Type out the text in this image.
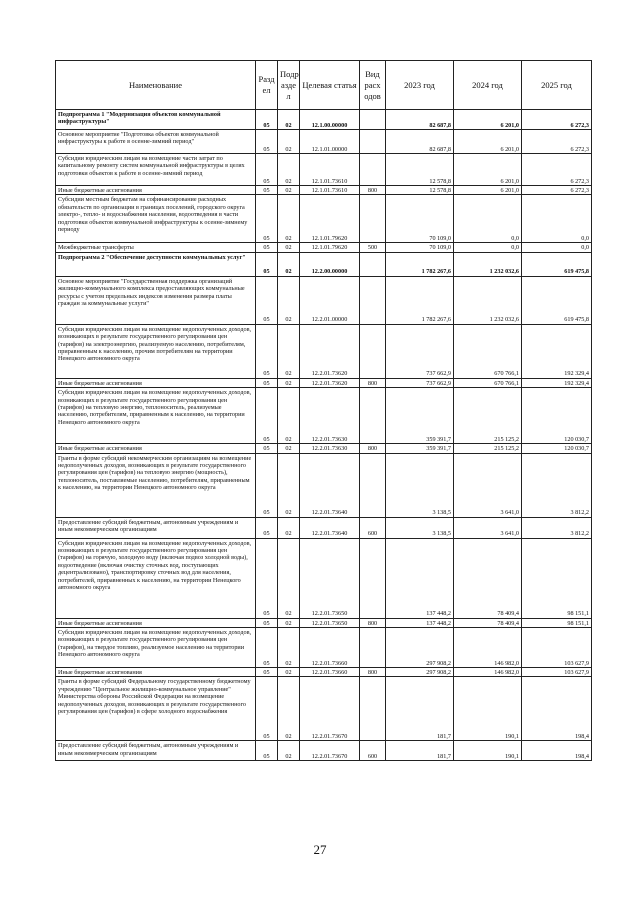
Наименование	Разд ел	Подр азде л	Целевая статья	Вид расх одов	2023 год	2024 год	2025 год
Подпрограмма 1 "Модернизация объектов коммунальной инфраструктуры"	05	02	12.1.00.00000		82 687,8	6 201,0	6 272,3
Основное мероприятие "Подготовка объектов коммунальной инфраструктуры к работе в осенне-зимний период"	05	02	12.1.01.00000		82 687,8	6 201,0	6 272,3
Субсидии юридическим лицам на возмещение части затрат по капитальному ремонту систем коммунальной инфраструктуры в целях подготовки объектов к работе в осенне-зимний период	05	02	12.1.01.73610		12 578,8	6 201,0	6 272,3
Иные бюджетные ассигнования	05	02	12.1.01.73610	800	12 578,8	6 201,0	6 272,3
Субсидии местным бюджетам на софинансирование расходных обязательств по организации в границах поселений, городского округа электро-, тепло- и водоснабжения населения, водоотведения в части подготовки объектов коммунальной инфраструктуры к осенне-зимнему периоду	05	02	12.1.01.79620		70 109,0	0,0	0,0
Межбюджетные трансферты	05	02	12.1.01.79620	500	70 109,0	0,0	0,0
Подпрограмма 2 "Обеспечение доступности коммунальных услуг"	05	02	12.2.00.00000		1 782 267,6	1 232 032,6	619 475,8
Основное мероприятие "Государственная поддержка организаций жилищно-коммунального комплекса предоставляющих коммунальные ресурсы с учетом предельных индексов изменения размера платы граждан за коммунальные услуги"	05	02	12.2.01.00000		1 782 267,6	1 232 032,6	619 475,8
Субсидии юридическим лицам на возмещение недополученных доходов, возникающих в результате государственного регулирования цен (тарифов) на электроэнергию, реализуемую населению, потребителям, приравненным к населению, прочим потребителям на территории Ненецкого автономного округа	05	02	12.2.01.73620		737 662,9	670 766,1	192 329,4
Иные бюджетные ассигнования	05	02	12.2.01.73620	800	737 662,9	670 766,1	192 329,4
Субсидии юридическим лицам на возмещение недополученных доходов, возникающих в результате государственного регулирования цен (тарифов) на тепловую энергию, теплоноситель, реализуемые населению, потребителям, приравненным к населению, на территории Ненецкого автономного округа	05	02	12.2.01.73630		359 391,7	215 125,2	120 030,7
Иные бюджетные ассигнования	05	02	12.2.01.73630	800	359 391,7	215 125,2	120 030,7
Гранты в форме субсидий некоммерческим организациям на возмещение недополученных доходов, возникающих в результате государственного регулирования цен (тарифов) на тепловую энергию (мощность), теплоноситель, поставляемые населению, потребителям, приравненным к населению, на территории Ненецкого автономного округа	05	02	12.2.01.73640		3 138,5	3 641,0	3 812,2
Предоставление субсидий бюджетным, автономным учреждениям и иным некоммерческим организациям	05	02	12.2.01.73640	600	3 138,5	3 641,0	3 812,2
Субсидии юридическим лицам на возмещение недополученных доходов, возникающих в результате государственного регулирования цен (тарифов) на горячую, холодную воду (включая подвоз холодной воды), водоотведение (включая очистку сточных вод, поступающих децентрализовано), транспортировку сточных вод для населения, потребителей, приравненных к населению, на территории Ненецкого автономного округа	05	02	12.2.01.73650		137 448,2	78 409,4	98 151,1
Иные бюджетные ассигнования	05	02	12.2.01.73650	800	137 448,2	78 409,4	98 151,1
Субсидии юридическим лицам на возмещение недополученных доходов, возникающих в результате государственного регулирования цен (тарифов), на твердое топливо, реализуемое населению на территории Ненецкого автономного округа	05	02	12.2.01.73660		297 908,2	146 982,0	103 627,9
Иные бюджетные ассигнования	05	02	12.2.01.73660	800	297 908,2	146 982,0	103 627,9
Гранты в форме субсидий Федеральному государственному бюджетному учреждению "Центральное жилищно-коммунальное управление" Министерства обороны Российской Федерации на возмещение недополученных доходов, возникающих в результате государственного регулирования цен (тарифов) в сфере холодного водоснабжения	05	02	12.2.01.73670		181,7	190,1	198,4
Предоставление субсидий бюджетным, автономным учреждениям и иным некоммерческим организациям	05	02	12.2.01.73670	600	181,7	190,1	198,4
27
